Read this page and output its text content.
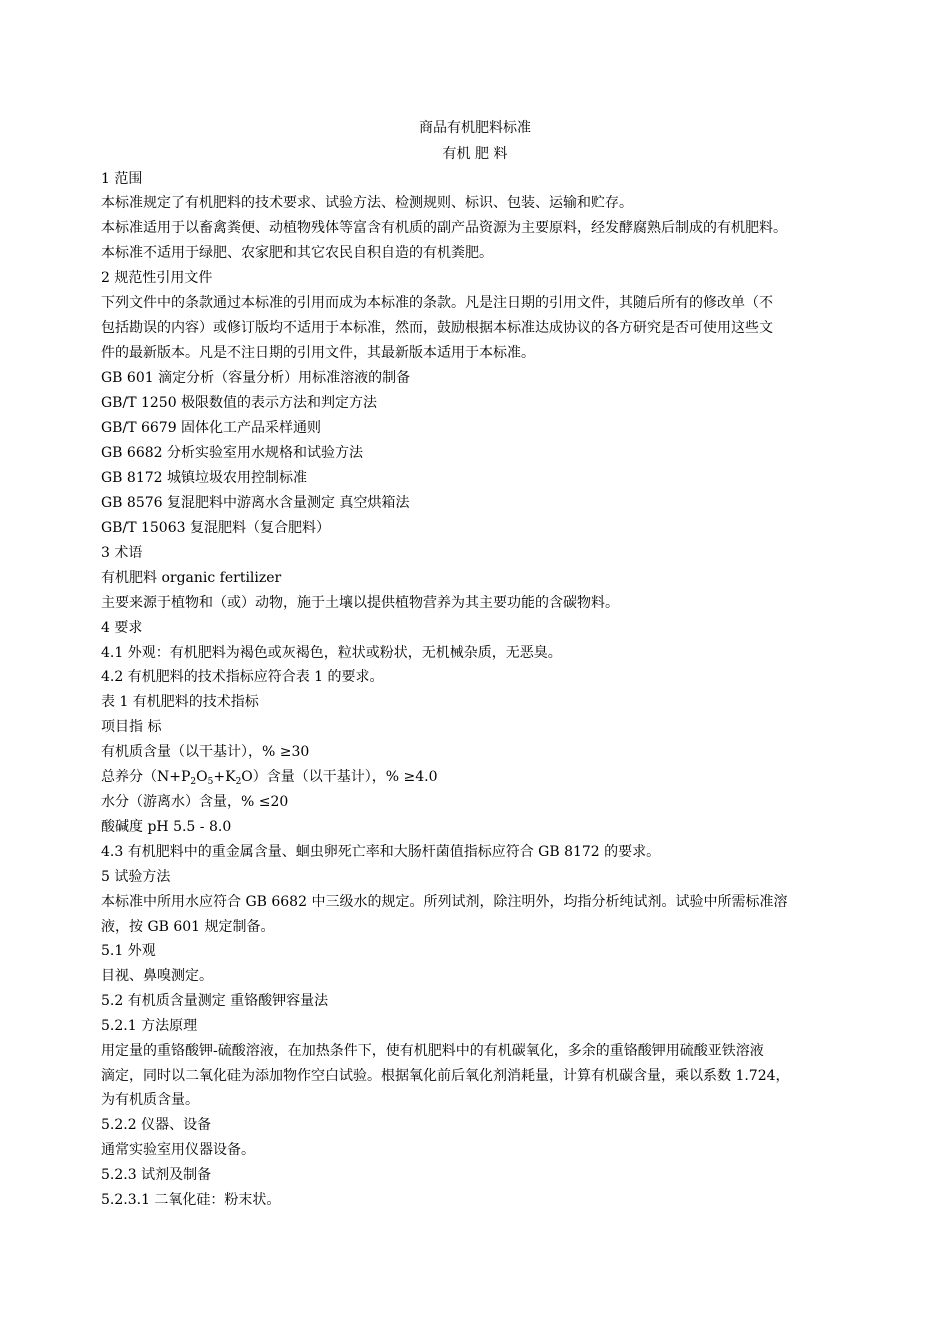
商品有机肥料标准
有机 肥 料
1 范围
本标准规定了有机肥料的技术要求、试验方法、检测规则、标识、包装、运输和贮存。
本标准适用于以畜禽粪便、动植物残体等富含有机质的副产品资源为主要原料，经发酵腐熟后制成的有机肥料。
本标准不适用于绿肥、农家肥和其它农民自积自造的有机粪肥。
2 规范性引用文件
下列文件中的条款通过本标准的引用而成为本标准的条款。凡是注日期的引用文件，其随后所有的修改单（不
包括勘误的内容）或修订版均不适用于本标准，然而，鼓励根据本标准达成协议的各方研究是否可使用这些文
件的最新版本。凡是不注日期的引用文件，其最新版本适用于本标准。
GB 601 滴定分析（容量分析）用标准溶液的制备
GB/T 1250 极限数值的表示方法和判定方法
GB/T 6679 固体化工产品采样通则
GB 6682 分析实验室用水规格和试验方法
GB 8172 城镇垃圾农用控制标准
GB 8576 复混肥料中游离水含量测定 真空烘箱法
GB/T 15063 复混肥料（复合肥料）
3 术语
有机肥料 organic fertilizer
主要来源于植物和（或）动物，施于土壤以提供植物营养为其主要功能的含碳物料。
4 要求
4.1 外观：有机肥料为褐色或灰褐色，粒状或粉状，无机械杂质，无恶臭。
4.2 有机肥料的技术指标应符合表 1 的要求。
表 1 有机肥料的技术指标
项目指 标
有机质含量（以干基计），% ≥30
总养分$(N+P_2O_5+K_2O)$含量（以干基计），% ≥4.0
水分（游离水）含量，% ≤20
酸碱度 pH 5.5 - 8.0
4.3 有机肥料中的重金属含量、蛔虫卵死亡率和大肠杆菌值指标应符合 GB 8172 的要求。
5 试验方法
本标准中所用水应符合 GB 6682 中三级水的规定。所列试剂，除注明外，均指分析纯试剂。试验中所需标准溶
液，按 GB 601 规定制备。
5.1 外观
目视、鼻嗅测定。
5.2 有机质含量测定 重铬酸钾容量法
5.2.1 方法原理
用定量的重铬酸钾-硫酸溶液，在加热条件下，使有机肥料中的有机碳氧化，多余的重铬酸钾用硫酸亚铁溶液
滴定，同时以二氧化硅为添加物作空白试验。根据氧化前后氧化剂消耗量，计算有机碳含量，乘以系数 1.724，
为有机质含量。
5.2.2 仪器、设备
通常实验室用仪器设备。
5.2.3 试剂及制备
5.2.3.1 二氧化硅：粉末状。
